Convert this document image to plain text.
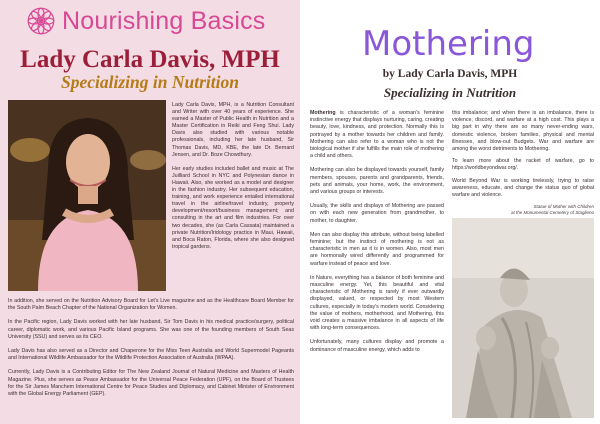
Nourishing Basics
Lady Carla Davis, MPH
Specializing in Nutrition

Lady Carla Davis, MPH, is a Nutrition Consultant and Writer with over 40 years of experience. She earned a Master of Public Health in Nutrition and a Master Certification in Reiki and Feng Shui. Lady Davis also studied with various notable professionals, including her late husband, Sir Thomas Davis, MD, KBE, the late Dr. Bernard Jensen, and Dr. Boze Chowdhury.

Her early studies included ballet and music at The Juilliard School in NYC and Polynesian dance in Hawaii. Also, she worked as a model and designer in the fashion industry. Her subsequent education, training, and work experience entailed international travel in the airline/travel industry, property development/resort/business management; and consulting in the art and film industries. For over two decades, she (as Carla Cassata) maintained a private Nutrition/Iridology practice in Maui, Hawaii, and Boca Raton, Florida, where she also designed tropical gardens.

In addition, she served on the Nutrition Advisory Board for Let's Live magazine and as the Healthcare Board Member for the South Palm Beach Chapter of the National Organization for Women.

In the Pacific region, Lady Davis worked with her late husband, Sir Tom Davis in his medical practice/surgery, political career, diplomatic work, and various Pacific Island programs. She was one of the founding members of South Seas University (SSU) and serves as its CEO.

Lady Davis has also served as a Director and Chaperone for the Miss Teen Australia and World Supermodel Pageants and International Wildlife Ambassador for the Wildlife Protection Association of Australia (WPAA).

Currently, Lady Davis is a Contributing Editor for The New Zealand Journal of Natural Medicine and Masters of Health Magazine. Plus, she serves as Peace Ambassador for the Universal Peace Federation (UPF), on the Board of Trustees for the Sir James Manchem International Centre for Peace Studies and Diplomacy, and Cabinet Minister of Environment with the Global Energy Parliament (GEP).

Mothering
by Lady Carla Davis, MPH
Specializing in Nutrition

Mothering is characteristic of a woman's feminine instinctive energy that displays nurturing, caring, creating beauty, love, kindness, and protection. Normally this is portrayed by a mother towards her children and family. Mothering can also refer to a woman who is not the biological mother if she fulfills the main role of mothering a child and others.

Mothering can also be displayed towards yourself, family members, spouses, parents and grandparents, friends, pets and animals, your home, work, the environment, and various groups or interests.

Usually, the skills and displays of Mothering are passed on with each new generation from grandmother, to mother, to daughter.

Men can also display this attribute, without being labelled feminine; but the instinct of mothering is not as characteristic in men as it is in women. Also, most men are hormonally wired differently and programmed for warfare instead of peace and love.

In Nature, everything has a balance of both feminine and masculine energy. Yet, this beautiful and vital characteristic of Mothering is rarely if ever outwardly displayed, valued, or respected by most Western cultures, especially in today's modern world. Considering the value of mothers, motherhood, and Mothering, this void creates a massive imbalance in all aspects of life with long-term consequences.

Unfortunately, many cultures display and promote a dominance of masculine energy, which adds to

this imbalance; and when there is an imbalance, there is violence, discord, and warfare at a high cost. This plays a big part in why there are so many never-ending wars, domestic violence, broken families, physical and mental illnesses, and blow-out Budgets. War and warfare are among the worst detriments to Mothering.

To learn more about the racket of warfare, go to https://worldbeyondwar.org/.

World Beyond War is working tirelessly, trying to raise awareness, educate, and change the status quo of global warfare and violence.

Statue of Mother with Children
at the Monumental Cemetery of Staglieno
